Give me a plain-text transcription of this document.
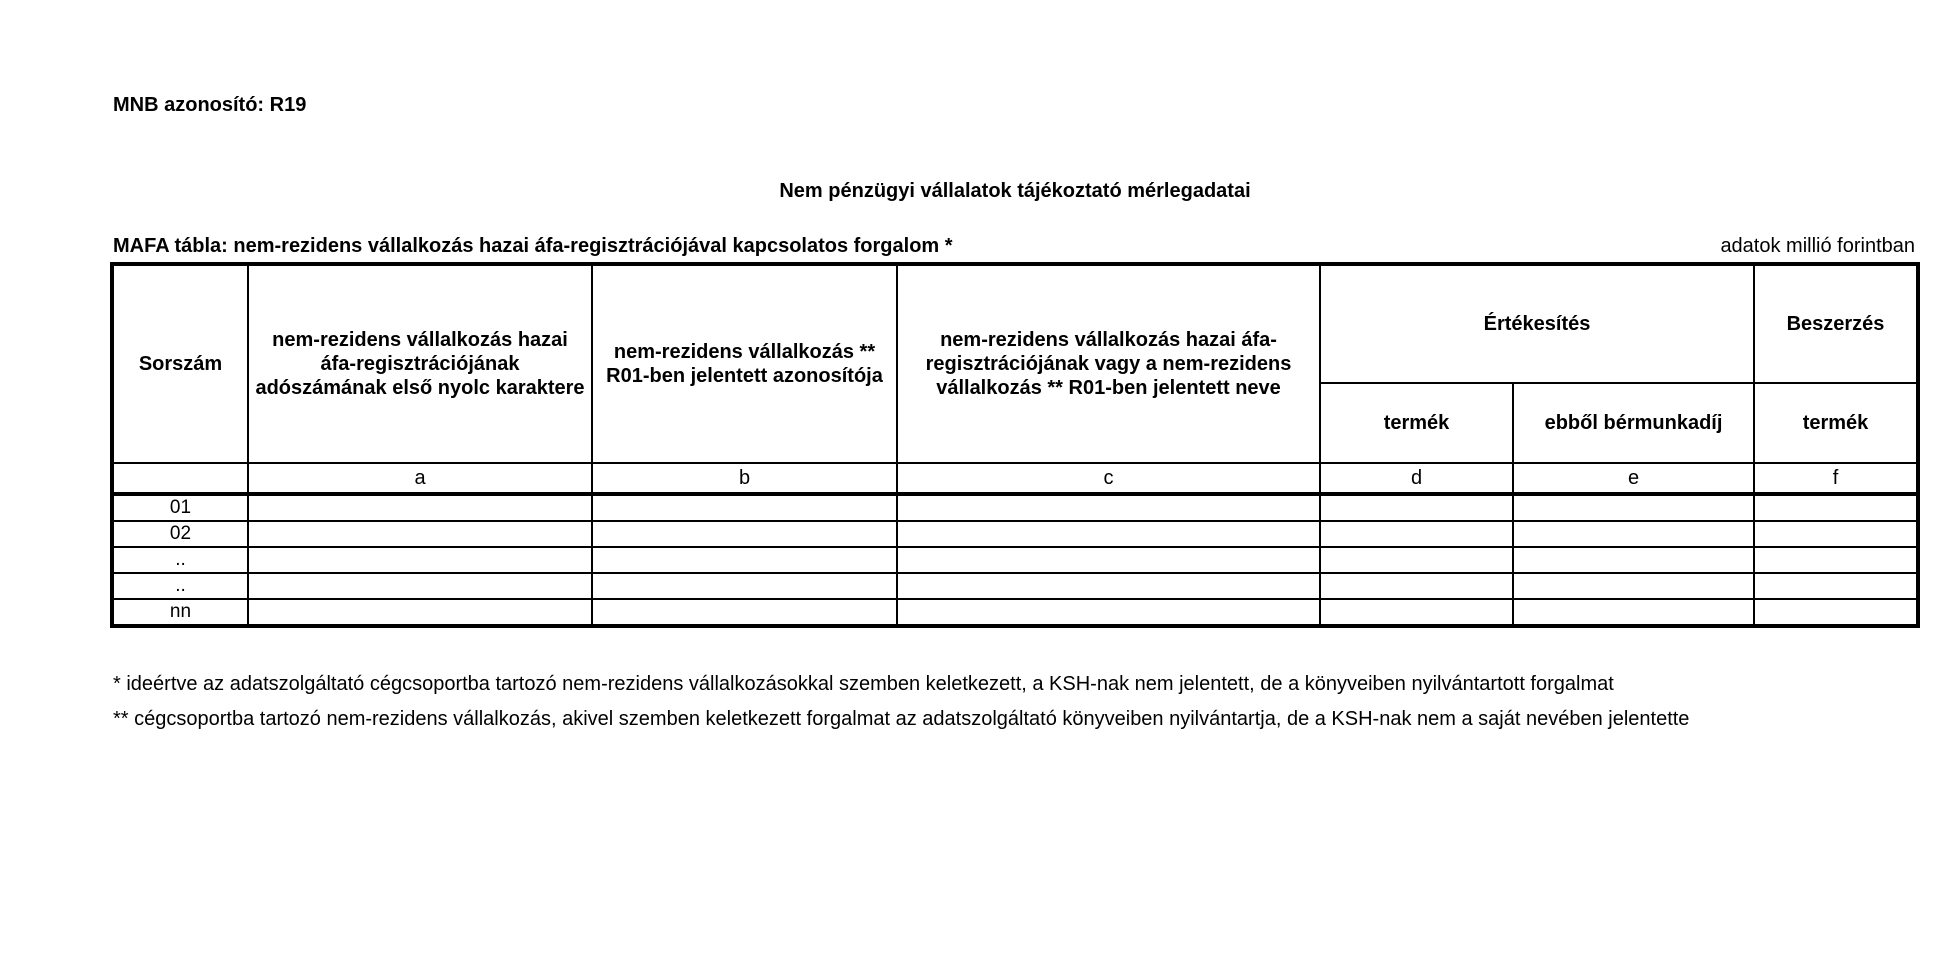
MNB azonosító: R19
Nem pénzügyi vállalatok tájékoztató mérlegadatai
MAFA tábla: nem-rezidens vállalkozás hazai áfa-regisztrációjával kapcsolatos forgalom *	adatok millió forintban
Sorszám	nem-rezidens vállalkozás hazai áfa-regisztrációjának adószámának első nyolc karaktere	nem-rezidens vállalkozás ** R01-ben jelentett azonosítója	nem-rezidens vállalkozás hazai áfa-regisztrációjának vagy a nem-rezidens vállalkozás ** R01-ben jelentett neve	Értékesítés		Beszerzés
				termék	ebből bérmunkadíj	termék
	a	b	c	d	e	f
01						
02						
..						
..						
nn						
* ideértve az adatszolgáltató cégcsoportba tartozó nem-rezidens vállalkozásokkal szemben keletkezett, a KSH-nak nem jelentett, de a könyveiben nyilvántartott forgalmat
** cégcsoportba tartozó nem-rezidens vállalkozás, akivel szemben keletkezett forgalmat az adatszolgáltató könyveiben nyilvántartja, de a KSH-nak nem a saját nevében jelentette
